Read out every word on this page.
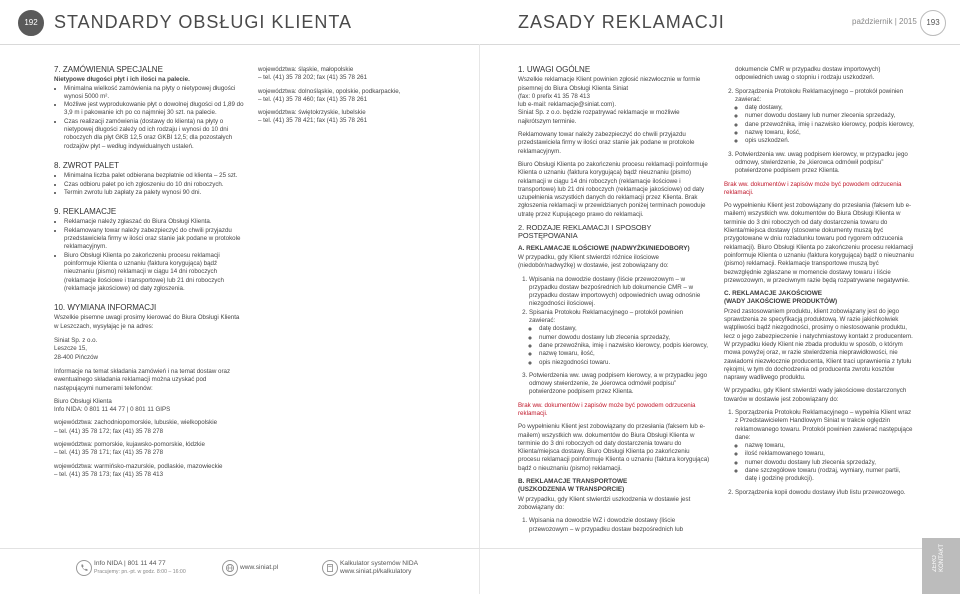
192 STANDARDY OBSŁUGI KLIENTA	ZASADY REKLAMACJI	październik | 2015	193
7. ZAMÓWIENIA SPECJALNE
Nietypowe długości płyt i ich ilości na palecie.
• Minimalna wielkość zamówienia na płyty o nietypowej długości wynosi 5000 m².
• Możliwe jest wyprodukowanie płyt o dowolnej długości od 1,89 do 3,9 m i pakowanie ich po co najmniej 30 szt. na palecie.
• Czas realizacji zamówienia (dostawy do klienta) na płyty o nietypowej długości zależy od ich rodzaju i wynosi do 10 dni roboczych dla płyt GKB 12,5 oraz GKBI 12,5; dla pozostałych rodzajów płyt – według indywidualnych ustaleń.
8. ZWROT PALET
• Minimalna liczba palet odbierana bezpłatnie od klienta – 25 szt.
• Czas odbioru palet po ich zgłoszeniu do 10 dni roboczych.
• Termin zwrotu lub zapłaty za palety wynosi 90 dni.
9. REKLAMACJE
• Reklamacje należy zgłaszać do Biura Obsługi Klienta.
• Reklamowany towar należy zabezpieczyć do chwili przyjazdu przedstawiciela firmy w ilości oraz stanie jak podane w protokole reklamacyjnym.
• Biuro Obsługi Klienta po zakończeniu procesu reklamacji poinformuje Klienta o uznaniu (faktura korygująca) bądź nieuznaniu (pismo) reklamacji w ciągu 14 dni roboczych (reklamacje ilościowe i transportowe) lub 21 dni roboczych (reklamacje jakościowe) od daty zgłoszenia.
10. WYMIANA INFORMACJI

Wszelkie pisemne uwagi prosimy kierować do Biura Obsługi Klienta w Leszczach, wysyłając je na adres:

Siniat Sp. z o.o.
Leszcze 15,
28-400 Pińczów

Informacje na temat składania zamówień i na temat dostaw oraz ewentualnego składania reklamacji można uzyskać pod następującymi numerami telefonów:

Biuro Obsługi Klienta
Info NIDA: 0 801 11 44 77 | 0 801 11 GIPS

województwa: zachodniopomorskie, lubuskie, wielkopolskie
– tel. (41) 35 78 172; fax (41) 35 78 278

województwa: pomorskie, kujawsko-pomorskie, łódzkie
– tel. (41) 35 78 171; fax (41) 35 78 278

województwa: warmińsko-mazurskie, podlaskie, mazowieckie
– tel. (41) 35 78 173; fax (41) 35 78 413

województwa: śląskie, małopolskie
– tel. (41) 35 78 202; fax (41) 35 78 261

województwa: dolnośląskie, opolskie, podkarpackie,
– tel. (41) 35 78 460; fax (41) 35 78 261

województwa: świętokrzyskie, lubelskie
– tel. (41) 35 78 421; fax (41) 35 78 261

1. UWAGI OGÓLNE

Wszelkie reklamacje Klient powinien zgłosić niezwłocznie w formie pisemnej do Biura Obsługi Klienta Siniat
(fax: 0 prefix 41 35 78 413
lub e-mail: reklamacje@siniat.com).
Siniat Sp. z o.o. będzie rozpatrywać reklamacje w możliwie najkrótszym terminie.

Reklamowany towar należy zabezpieczyć do chwili przyjazdu przedstawiciela firmy w ilości oraz stanie jak podane w protokole reklamacyjnym.

Biuro Obsługi Klienta po zakończeniu procesu reklamacji poinformuje Klienta o uznaniu (faktura korygująca) bądź nieuznaniu (pismo) reklamacji w ciągu 14 dni roboczych (reklamacje ilościowe i transportowe) lub 21 dni roboczych (reklamacje jakościowe) od daty uzupełnienia wszystkich danych do reklamacji przez Klienta. Brak zgłoszenia reklamacji w przewidzianych poniżej terminach powoduje utratę przez Kupującego prawo do reklamacji.

2. RODZAJE REKLAMACJI I SPOSOBY POSTĘPOWANIA
A. REKLAMACJE ILOŚCIOWE (NADWYŻKI/NIEDOBORY)

W przypadku, gdy Klient stwierdzi różnice ilościowe (niedobór/nadwyżkę) w dostawie, jest zobowiązany do:

1. Wpisania na dowodzie dostawy (liście przewozowym – w przypadku dostaw bezpośrednich lub dokumencie CMR – w przypadku dostaw importowych) odpowiednich uwag odnośnie niezgodności ilościowej.
2. Spisania Protokołu Reklamacyjnego – protokół powinien zawierać:
◦ datę dostawy,
◦ numer dowodu dostawy lub zlecenia sprzedaży,
◦ dane przewoźnika, imię i nazwisko kierowcy, podpis kierowcy,
◦ nazwę towaru, ilość,
◦ opis niezgodności towaru.
3. Potwierdzenia ww. uwag podpisem kierowcy, a w przypadku jego odmowy stwierdzenie, że „kierowca odmówił podpisu” potwierdzone podpisem przez Klienta.

Brak ww. dokumentów i zapisów może być powodem odrzucenia reklamacji.

Po wypełnieniu Klient jest zobowiązany do przesłania (faksem lub e-mailem) wszystkich ww. dokumentów do Biura Obsługi Klienta w terminie do 3 dni roboczych od daty dostarczenia towaru do Klienta/miejsca dostawy. Biuro Obsługi Klienta po zakończeniu procesu reklamacji poinformuje Klienta o uznaniu (faktura korygująca) bądź o nieuznaniu (pismo) reklamacji.

B. REKLAMACJE TRANSPORTOWE
(USZKODZENIA W TRANSPORCIE)

W przypadku, gdy Klient stwierdzi uszkodzenia w dostawie jest zobowiązany do:

1. Wpisania na dowodzie WZ i dowodzie dostawy (liście przewozowym – w przypadku dostaw bezpośrednich lub

dokumencie CMR w przypadku dostaw importowych) odpowiednich uwag o stopniu i rodzaju uszkodzeń.

2. Sporządzenia Protokołu Reklamacyjnego – protokół powinien zawierać:
◦ datę dostawy,
◦ numer dowodu dostawy lub numer zlecenia sprzedaży,
◦ dane przewoźnika, imię i nazwisko kierowcy, podpis kierowcy,
◦ nazwę towaru, ilość,
◦ opis uszkodzeń.
3. Potwierdzenia ww. uwag podpisem kierowcy, w przypadku jego odmowy, stwierdzenie, że „kierowca odmówił podpisu” potwierdzone podpisem przez Klienta.

Brak ww. dokumentów i zapisów może być powodem odrzucenia reklamacji.

Po wypełnieniu Klient jest zobowiązany do przesłania (faksem lub e-mailem) wszystkich ww. dokumentów do Biura Obsługi Klienta w terminie do 3 dni roboczych od daty dostarczenia towaru do Klienta/miejsca dostawy (stosowne dokumenty muszą być przygotowane w dniu rozładunku towaru pod rygorem odrzucenia reklamacji). Biuro Obsługi Klienta po zakończeniu procesu reklamacji poinformuje Klienta o uznaniu (faktura korygująca) bądź o nieuznaniu (pismo) reklamacji. Reklamacje transportowe muszą być bezwzględnie zgłaszane w momencie dostawy towaru i liście przewozowym, w przeciwnym razie będą rozpatrywane negatywnie.

C. REKLAMACJE JAKOŚCIOWE
(WADY JAKOŚCIOWE PRODUKTÓW)

Przed zastosowaniem produktu, klient zobowiązany jest do jego sprawdzenia ze specyfikacją produktową. W razie jakichkolwiek wątpliwości bądź niezgodności, prosimy o niestosowanie produktu, lecz o jego zabezpieczenie i natychmiastowy kontakt z producentem. W przypadku kiedy Klient nie zbada produktu w sposób, o którym mowa powyżej oraz, w razie stwierdzenia nieprawidłowości, nie zawiadomi niezwłocznie producenta, Klient traci uprawnienia z tytułu rękojmi, w tym do dochodzenia od producenta zwrotu kosztów naprawy wadliwego produktu.

W przypadku, gdy Klient stwierdzi wady jakościowe dostarczonych towarów w dostawie jest zobowiązany do:

1. Sporządzenia Protokołu Reklamacyjnego – wypełnia Klient wraz z Przedstawicielem Handlowym Siniat w trakcie oględzin reklamowanego towaru. Protokół powinien zawierać następujące dane:
◦ nazwę towaru,
◦ ilość reklamowanego towaru,
◦ numer dowodu dostawy lub zlecenia sprzedaży,
◦ dane szczegółowe towaru (rodzaj, wymiary, numer partii, datę i godzinę produkcji).
2. Sporządzenia kopii dowodu dostawy i/lub listu przewozowego.
Info NIDA | 801 11 44 77
Pracujemy: pn.-pt. w godz. 8:00 – 16:00
www.siniat.pl
Kalkulator systemów NIDA
www.siniat.pl/kalkulatory	ZERO
KONTAKT
